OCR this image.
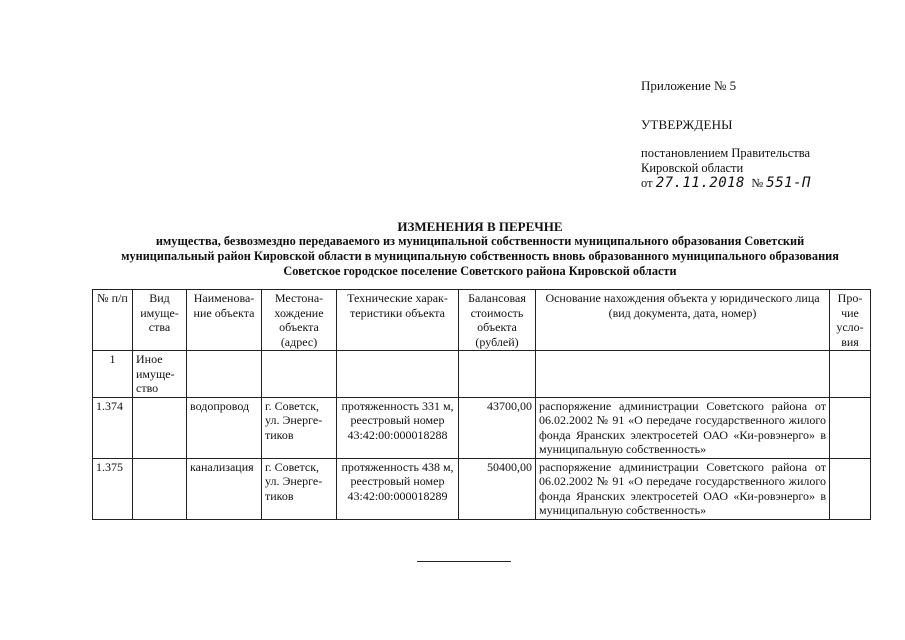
Приложение № 5
УТВЕРЖДЕНЫ
постановлением Правительства
Кировской области
от 27.11.2018 № 551-П
ИЗМЕНЕНИЯ В ПЕРЕЧНЕ
имущества, безвозмездно передаваемого из муниципальной собственности муниципального образования Советский
муниципальный район Кировской области в муниципальную собственность вновь образованного муниципального образования
Советское городское поселение Советского района Кировской области
№ п/п	Вид имуще-ства	Наименова-ние объекта	Местона-хождение объекта (адрес)	Технические харак-теристики объекта	Балансовая стоимость объекта (рублей)	Основание нахождения объекта у юридического лица (вид документа, дата, номер)	Про-чие усло-вия
1	Иное имуще-ство						
1.374		водопровод	г. Советск, ул. Энерге-тиков	протяженность 331 м, реестровый номер 43:42:00:000018288	43700,00	распоряжение администрации Советского района от 06.02.2002 № 91 «О передаче государственного жилого фонда Яранских электросетей ОАО «Ки-ровэнерго» в муниципальную собственность»	
1.375		канализация	г. Советск, ул. Энерге-тиков	протяженность 438 м, реестровый номер 43:42:00:000018289	50400,00	распоряжение администрации Советского района от 06.02.2002 № 91 «О передаче государственного жилого фонда Яранских электросетей ОАО «Ки-ровэнерго» в муниципальную собственность»	
